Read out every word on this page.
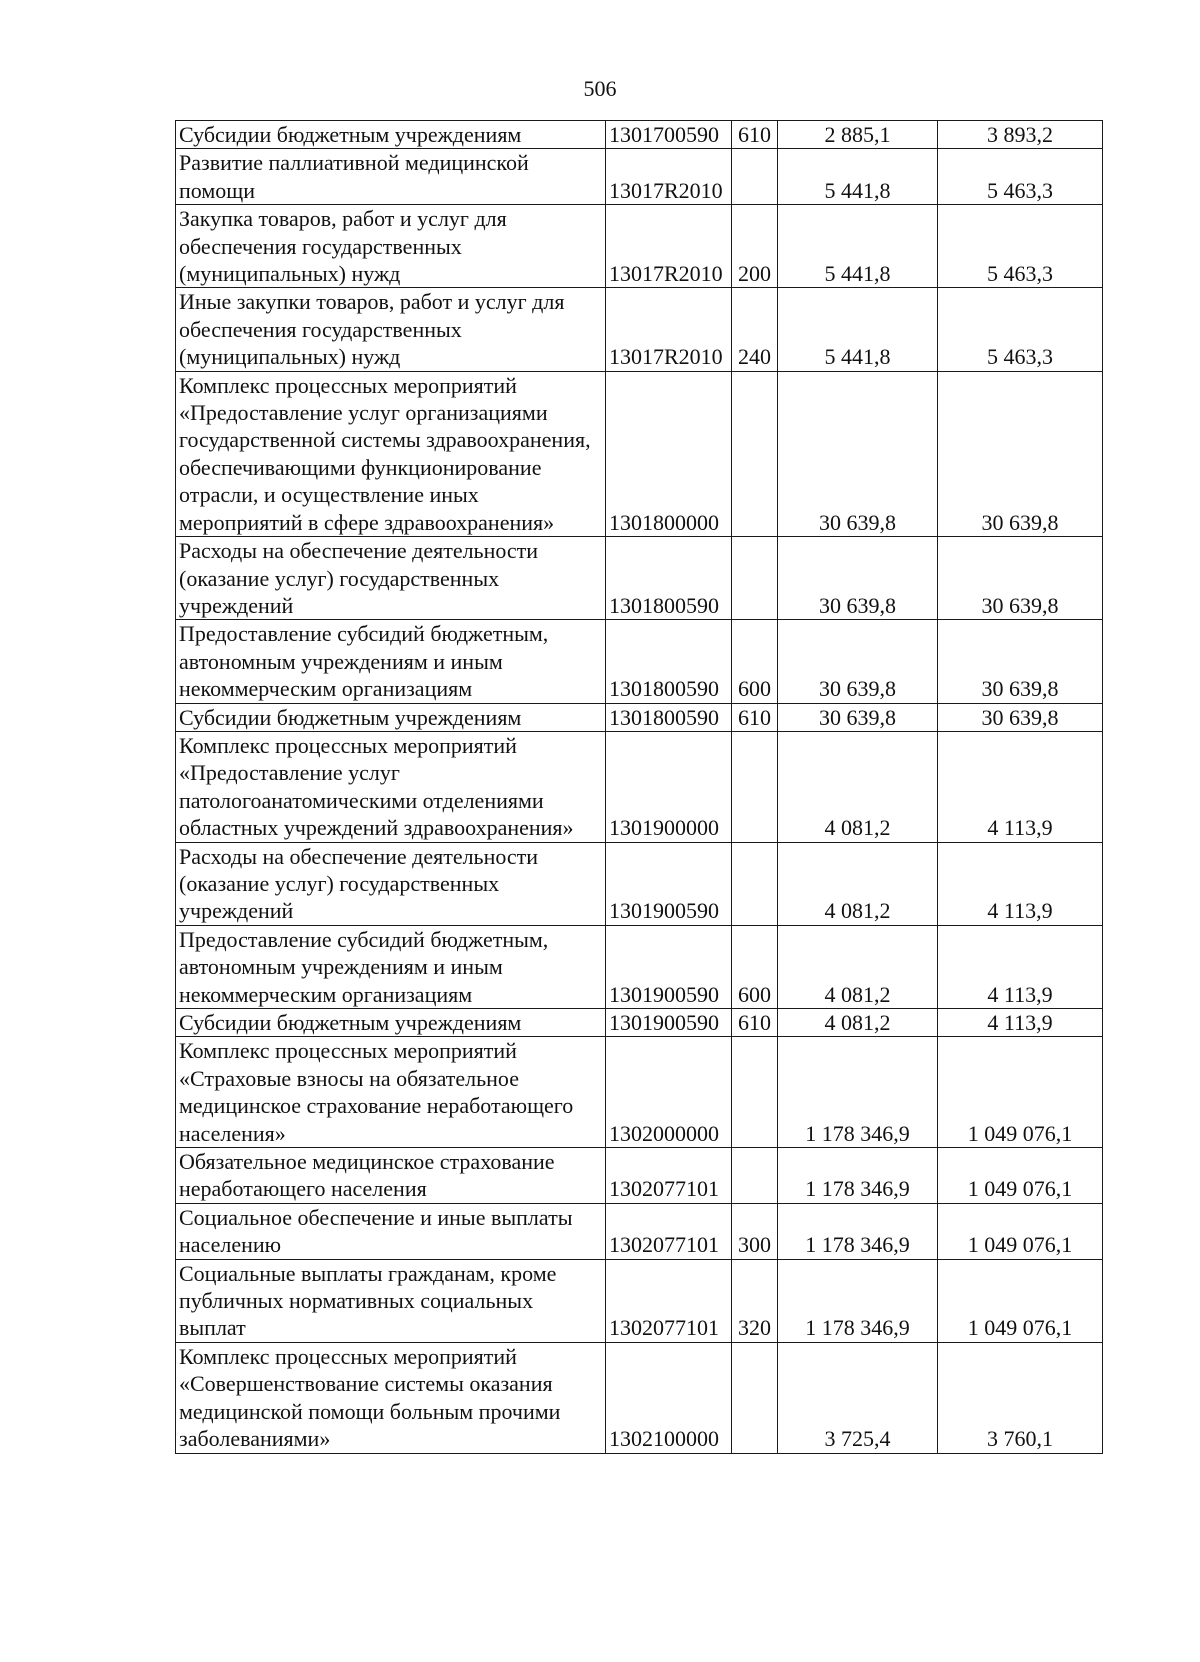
506
Субсидии бюджетным учреждениям	1301700590	610	2 885,1	3 893,2
Развитие паллиативной медицинской помощи	13017R2010		5 441,8	5 463,3
Закупка товаров, работ и услуг для обеспечения государственных (муниципальных) нужд	13017R2010	200	5 441,8	5 463,3
Иные закупки товаров, работ и услуг для обеспечения государственных (муниципальных) нужд	13017R2010	240	5 441,8	5 463,3
Комплекс процессных мероприятий «Предоставление услуг организациями государственной системы здравоохранения, обеспечивающими функционирование отрасли, и осуществление иных мероприятий в сфере здравоохранения»	1301800000		30 639,8	30 639,8
Расходы на обеспечение деятельности (оказание услуг) государственных учреждений	1301800590		30 639,8	30 639,8
Предоставление субсидий бюджетным, автономным учреждениям и иным некоммерческим организациям	1301800590	600	30 639,8	30 639,8
Субсидии бюджетным учреждениям	1301800590	610	30 639,8	30 639,8
Комплекс процессных мероприятий «Предоставление услуг патологоанатомическими отделениями областных учреждений здравоохранения»	1301900000		4 081,2	4 113,9
Расходы на обеспечение деятельности (оказание услуг) государственных учреждений	1301900590		4 081,2	4 113,9
Предоставление субсидий бюджетным, автономным учреждениям и иным некоммерческим организациям	1301900590	600	4 081,2	4 113,9
Субсидии бюджетным учреждениям	1301900590	610	4 081,2	4 113,9
Комплекс процессных мероприятий «Страховые взносы на обязательное медицинское страхование неработающего населения»	1302000000		1 178 346,9	1 049 076,1
Обязательное медицинское страхование неработающего населения	1302077101		1 178 346,9	1 049 076,1
Социальное обеспечение и иные выплаты населению	1302077101	300	1 178 346,9	1 049 076,1
Социальные выплаты гражданам, кроме публичных нормативных социальных выплат	1302077101	320	1 178 346,9	1 049 076,1
Комплекс процессных мероприятий «Совершенствование системы оказания медицинской помощи больным прочими заболеваниями»	1302100000		3 725,4	3 760,1
